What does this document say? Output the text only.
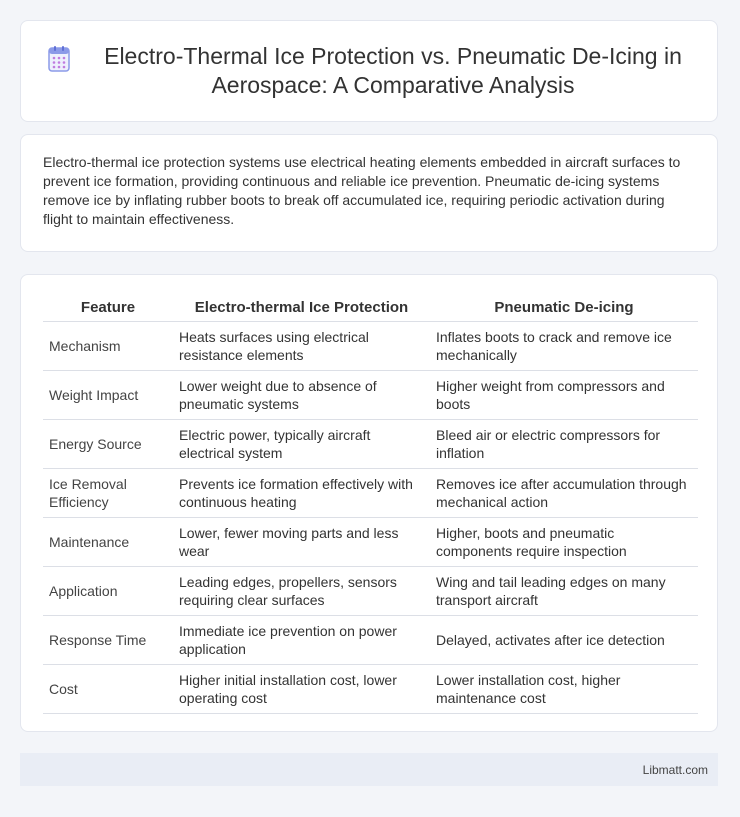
Electro-Thermal Ice Protection vs. Pneumatic De-Icing in Aerospace: A Comparative Analysis

Electro-thermal ice protection systems use electrical heating elements embedded in aircraft surfaces to prevent ice formation, providing continuous and reliable ice prevention. Pneumatic de-icing systems remove ice by inflating rubber boots to break off accumulated ice, requiring periodic activation during flight to maintain effectiveness.

Feature	Electro-thermal Ice Protection	Pneumatic De-icing
Mechanism	Heats surfaces using electrical resistance elements	Inflates boots to crack and remove ice mechanically
Weight Impact	Lower weight due to absence of pneumatic systems	Higher weight from compressors and boots
Energy Source	Electric power, typically aircraft electrical system	Bleed air or electric compressors for inflation
Ice Removal Efficiency	Prevents ice formation effectively with continuous heating	Removes ice after accumulation through mechanical action
Maintenance	Lower, fewer moving parts and less wear	Higher, boots and pneumatic components require inspection
Application	Leading edges, propellers, sensors requiring clear surfaces	Wing and tail leading edges on many transport aircraft
Response Time	Immediate ice prevention on power application	Delayed, activates after ice detection
Cost	Higher initial installation cost, lower operating cost	Lower installation cost, higher maintenance cost
Libmatt.com
